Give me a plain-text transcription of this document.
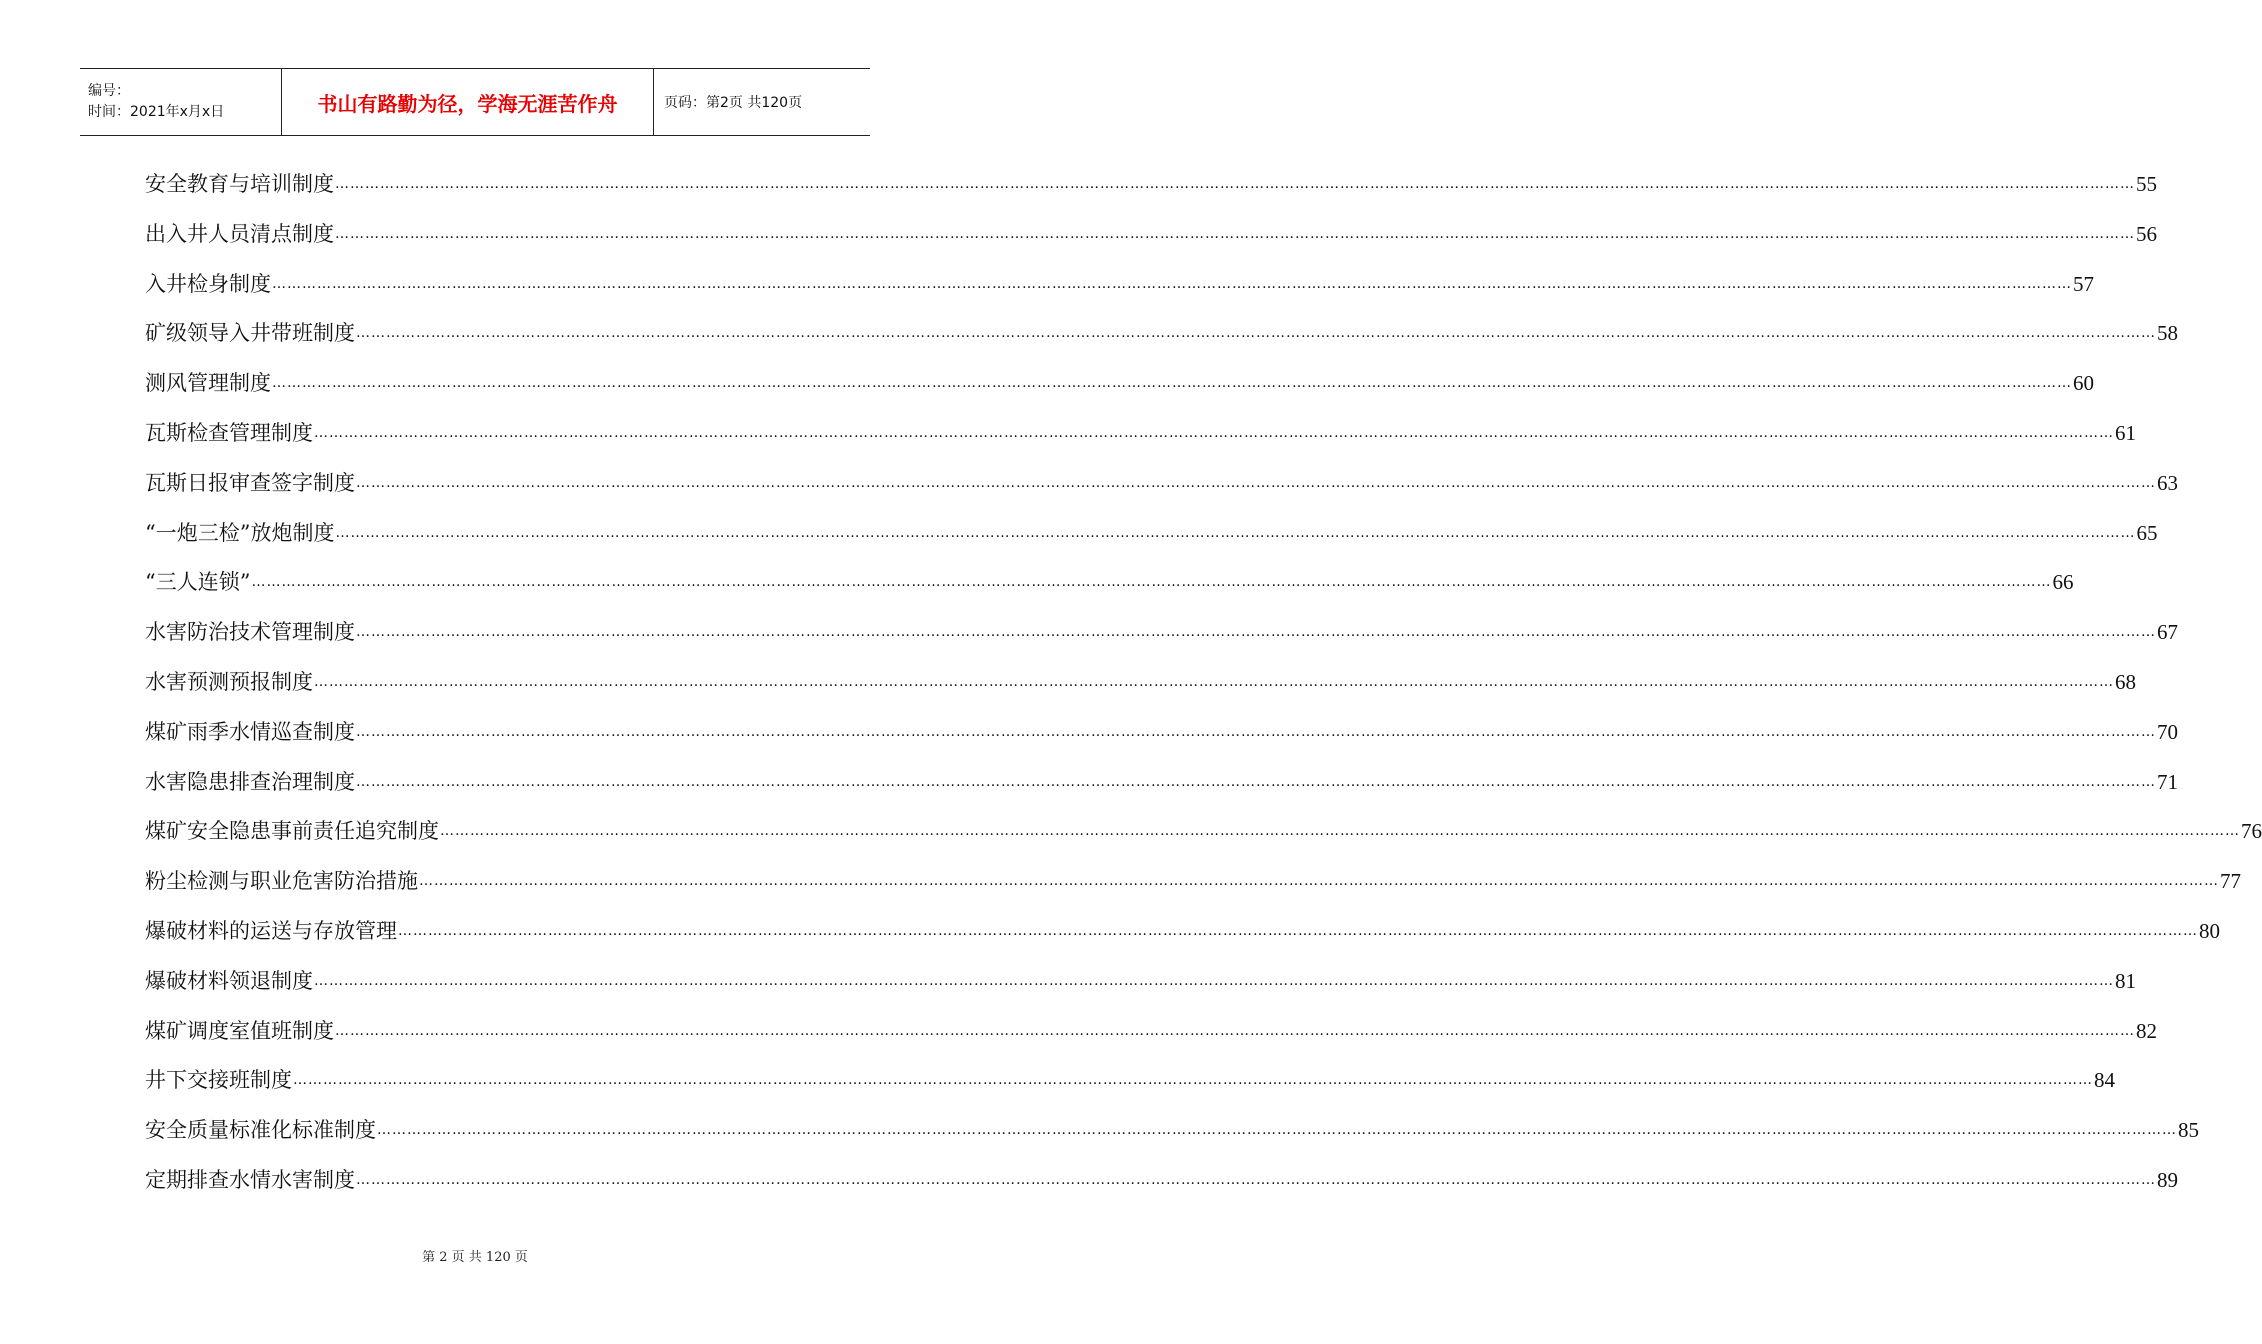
编号：
时间：2021年x月x日	书山有路勤为径，学海无涯苦作舟	页码：第2页 共120页
安全教育与培训制度 ……………………………………………………………………………………………………………………………………………………………………………………………………………………………………………………………………………………………………………………………… 55
出入井人员清点制度 ……………………………………………………………………………………………………………………………………………………………………………………………………………………………………………………………………………………………………………………………… 56
入井检身制度 ……………………………………………………………………………………………………………………………………………………………………………………………………………………………………………………………………………………………………………………………… 57
矿级领导入井带班制度 ……………………………………………………………………………………………………………………………………………………………………………………………………………………………………………………………………………………………………………………………… 58
测风管理制度 ……………………………………………………………………………………………………………………………………………………………………………………………………………………………………………………………………………………………………………………………… 60
瓦斯检查管理制度 ……………………………………………………………………………………………………………………………………………………………………………………………………………………………………………………………………………………………………………………………… 61
瓦斯日报审查签字制度 ……………………………………………………………………………………………………………………………………………………………………………………………………………………………………………………………………………………………………………………………… 63
“一炮三检”放炮制度 ……………………………………………………………………………………………………………………………………………………………………………………………………………………………………………………………………………………………………………………………… 65
“三人连锁” ……………………………………………………………………………………………………………………………………………………………………………………………………………………………………………………………………………………………………………………………… 66
水害防治技术管理制度 ……………………………………………………………………………………………………………………………………………………………………………………………………………………………………………………………………………………………………………………………… 67
水害预测预报制度 ……………………………………………………………………………………………………………………………………………………………………………………………………………………………………………………………………………………………………………………………… 68
煤矿雨季水情巡查制度 ……………………………………………………………………………………………………………………………………………………………………………………………………………………………………………………………………………………………………………………………… 70
水害隐患排查治理制度 ……………………………………………………………………………………………………………………………………………………………………………………………………………………………………………………………………………………………………………………………… 71
煤矿安全隐患事前责任追究制度 ……………………………………………………………………………………………………………………………………………………………………………………………………………………………………………………………………………………………………………………………… 76
粉尘检测与职业危害防治措施 ……………………………………………………………………………………………………………………………………………………………………………………………………………………………………………………………………………………………………………………………… 77
爆破材料的运送与存放管理 ……………………………………………………………………………………………………………………………………………………………………………………………………………………………………………………………………………………………………………………………… 80
爆破材料领退制度 ……………………………………………………………………………………………………………………………………………………………………………………………………………………………………………………………………………………………………………………………… 81
煤矿调度室值班制度 ……………………………………………………………………………………………………………………………………………………………………………………………………………………………………………………………………………………………………………………………… 82
井下交接班制度 ……………………………………………………………………………………………………………………………………………………………………………………………………………………………………………………………………………………………………………………………… 84
安全质量标准化标准制度 ……………………………………………………………………………………………………………………………………………………………………………………………………………………………………………………………………………………………………………………………… 85
定期排查水情水害制度 ……………………………………………………………………………………………………………………………………………………………………………………………………………………………………………………………………………………………………………………………… 89
第 2 页 共 120 页
